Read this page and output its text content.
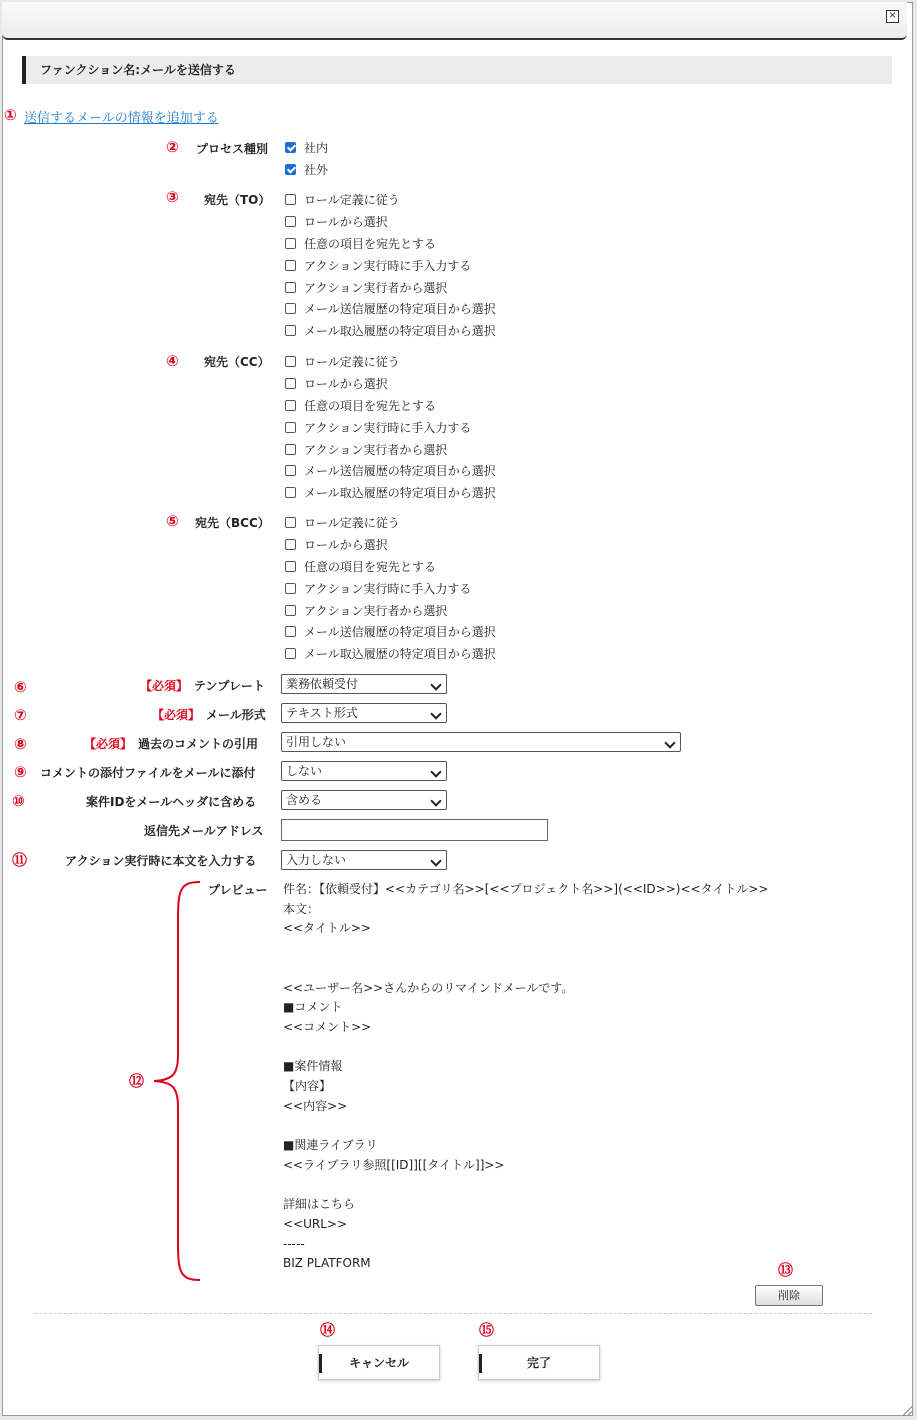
×
ファンクション名:メールを送信する
① 送信するメールの情報を追加する
② プロセス種別	社内
社外
③ 宛先（TO）	ロール定義に従う
ロールから選択
任意の項目を宛先とする
アクション実行時に手入力する
アクション実行者から選択
メール送信履歴の特定項目から選択
メール取込履歴の特定項目から選択
④ 宛先（CC）	ロール定義に従う
ロールから選択
任意の項目を宛先とする
アクション実行時に手入力する
アクション実行者から選択
メール送信履歴の特定項目から選択
メール取込履歴の特定項目から選択
⑤ 宛先（BCC）	ロール定義に従う
ロールから選択
任意の項目を宛先とする
アクション実行時に手入力する
アクション実行者から選択
メール送信履歴の特定項目から選択
メール取込履歴の特定項目から選択
⑥	【必須】 テンプレート	業務依頼受付
⑦	【必須】 メール形式	テキスト形式
⑧	【必須】 過去のコメントの引用	引用しない
⑨ コメントの添付ファイルをメールに添付	しない
⑩	案件IDをメールヘッダに含める	含める
返信先メールアドレス
⑪	アクション実行時に本文を入力する	入力しない
⑫
プレビュー 件名：【依頼受付】<<カテゴリ名>>[<<プロジェクト名>>](<<ID>>)<<タイトル>>
本文：
<<タイトル>>

<<ユーザー名>>さんからのリマインドメールです。
■コメント
<<コメント>>

■案件情報
【内容】
<<内容>>

■関連ライブラリ
<<ライブラリ参照[[ID]][[タイトル]]>>

詳細はこちら
<<URL>>
-----
BIZ PLATFORM	⑬
削除
⑭	⑮
キャンセル	完了
